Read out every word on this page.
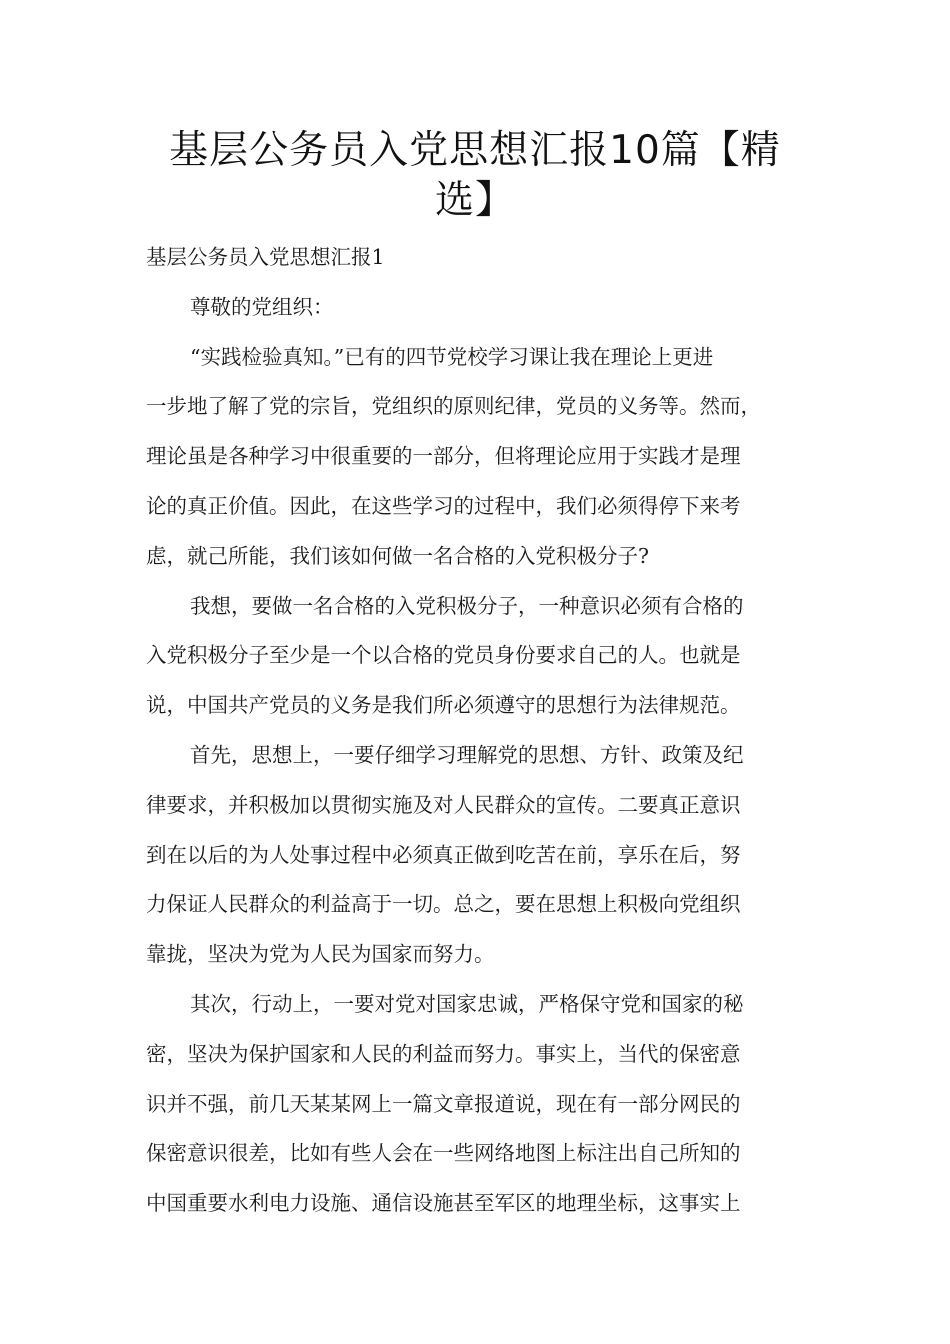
基层公务员入党思想汇报10篇【精
选】
基层公务员入党思想汇报1
尊敬的党组织：
“实践检验真知。”已有的四节党校学习课让我在理论上更进
一步地了解了党的宗旨，党组织的原则纪律，党员的义务等。然而，
理论虽是各种学习中很重要的一部分，但将理论应用于实践才是理
论的真正价值。因此，在这些学习的过程中，我们必须得停下来考
虑，就己所能，我们该如何做一名合格的入党积极分子?
我想，要做一名合格的入党积极分子，一种意识必须有合格的
入党积极分子至少是一个以合格的党员身份要求自己的人。也就是
说，中国共产党员的义务是我们所必须遵守的思想行为法律规范。
首先，思想上，一要仔细学习理解党的思想、方针、政策及纪
律要求，并积极加以贯彻实施及对人民群众的宣传。二要真正意识
到在以后的为人处事过程中必须真正做到吃苦在前，享乐在后，努
力保证人民群众的利益高于一切。总之，要在思想上积极向党组织
靠拢，坚决为党为人民为国家而努力。
其次，行动上，一要对党对国家忠诚，严格保守党和国家的秘
密，坚决为保护国家和人民的利益而努力。事实上，当代的保密意
识并不强，前几天某某网上一篇文章报道说，现在有一部分网民的
保密意识很差，比如有些人会在一些网络地图上标注出自己所知的
中国重要水利电力设施、通信设施甚至军区的地理坐标，这事实上
